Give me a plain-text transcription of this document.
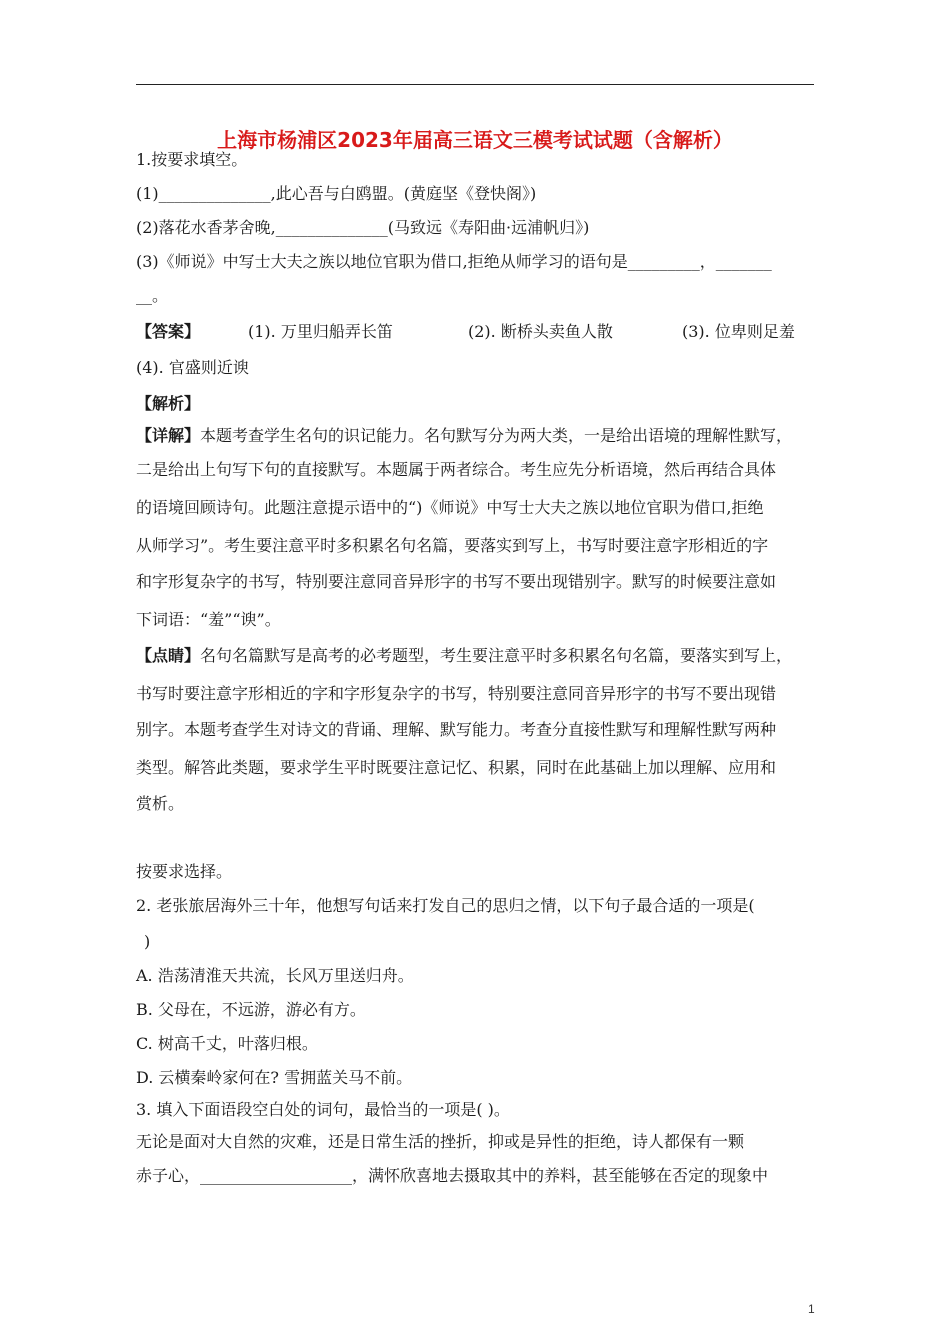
上海市杨浦区2023年届高三语文三模考试试题（含解析）
1.按要求填空。
(1)______________,此心吾与白鸥盟。(黄庭坚《登快阁》)
(2)落花水香茅舍晚,______________(马致远《寿阳曲·远浦帆归》)
(3)《师说》中写士大夫之族以地位官职为借口,拒绝从师学习的语句是_________，_______
__。
【答案】	(1). 万里归船弄长笛	(2). 断桥头卖鱼人散	(3). 位卑则足羞
(4). 官盛则近谀
【解析】
【详解】本题考查学生名句的识记能力。名句默写分为两大类，一是给出语境的理解性默写，
二是给出上句写下句的直接默写。本题属于两者综合。考生应先分析语境，然后再结合具体
的语境回顾诗句。此题注意提示语中的“)《师说》中写士大夫之族以地位官职为借口,拒绝
从师学习”。考生要注意平时多积累名句名篇，要落实到写上，书写时要注意字形相近的字
和字形复杂字的书写，特别要注意同音异形字的书写不要出现错别字。默写的时候要注意如
下词语：“羞”“谀”。
【点睛】名句名篇默写是高考的必考题型，考生要注意平时多积累名句名篇，要落实到写上，
书写时要注意字形相近的字和字形复杂字的书写，特别要注意同音异形字的书写不要出现错
别字。本题考查学生对诗文的背诵、理解、默写能力。考查分直接性默写和理解性默写两种
类型。解答此类题，要求学生平时既要注意记忆、积累，同时在此基础上加以理解、应用和
赏析。
按要求选择。
2. 老张旅居海外三十年，他想写句话来打发自己的思归之情，以下句子最合适的一项是(
)
A. 浩荡清淮天共流，长风万里送归舟。
B. 父母在，不远游，游必有方。
C. 树高千丈，叶落归根。
D. 云横秦岭家何在? 雪拥蓝关马不前。
3. 填入下面语段空白处的词句，最恰当的一项是( )。
无论是面对大自然的灾难，还是日常生活的挫折，抑或是异性的拒绝，诗人都保有一颗
赤子心，___________________，满怀欣喜地去摄取其中的养料，甚至能够在否定的现象中
1
